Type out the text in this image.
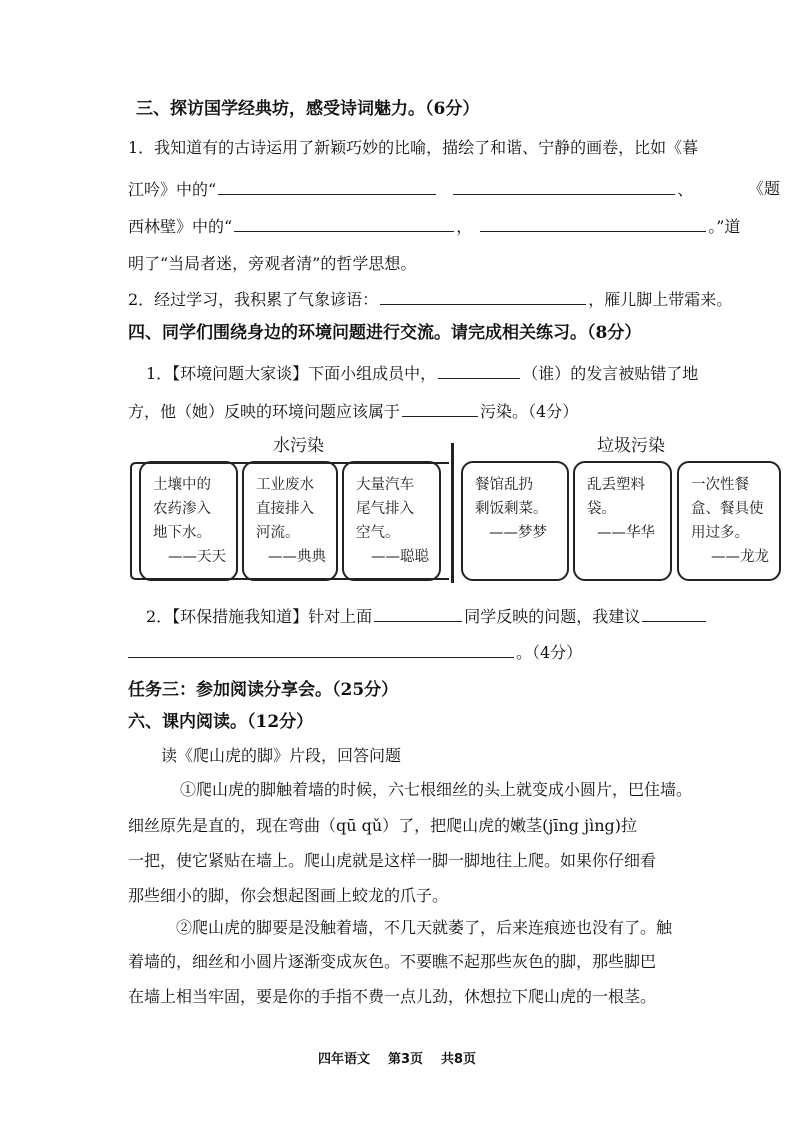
三、探访国学经典坊，感受诗词魅力。（6分）
1．我知道有的古诗运用了新颖巧妙的比喻，描绘了和谐、宁静的画卷，比如《暮
江吟》中的“	、	《题
西林壁》中的“	，	。”道
明了“当局者迷，旁观者清”的哲学思想。
2．经过学习，我积累了气象谚语：	，雁儿脚上带霜来。
四、同学们围绕身边的环境问题进行交流。请完成相关练习。（8分）
1．【环境问题大家谈】下面小组成员中，	（谁）的发言被贴错了地
方，他（她）反映的环境问题应该属于	污染。（4分）
水污染	垃圾污染
土壤中的
农药渗入
地下水。
——天天
工业废水
直接排入
河流。
——典典
大量汽车
尾气排入
空气。
——聪聪
餐馆乱扔
剩饭剩菜。
——梦梦
乱丢塑料
袋。
——华华
一次性餐
盒、餐具使
用过多。
——龙龙
2．【环保措施我知道】针对上面	同学反映的问题，我建议
。（4分）
任务三：参加阅读分享会。（25分）
六、课内阅读。（12分）
读《爬山虎的脚》片段，回答问题
①爬山虎的脚触着墙的时候，六七根细丝的头上就变成小圆片，巴住墙。
细丝原先是直的，现在弯曲（qū qǔ）了，把爬山虎的嫩茎(jīng jìng)拉
一把，使它紧贴在墙上。爬山虎就是这样一脚一脚地往上爬。如果你仔细看
那些细小的脚，你会想起图画上蛟龙的爪子。
②爬山虎的脚要是没触着墙，不几天就萎了，后来连痕迹也没有了。触
着墙的，细丝和小圆片逐渐变成灰色。不要瞧不起那些灰色的脚，那些脚巴
在墙上相当牢固，要是你的手指不费一点儿劲，休想拉下爬山虎的一根茎。
四年语文 第3页 共8页
